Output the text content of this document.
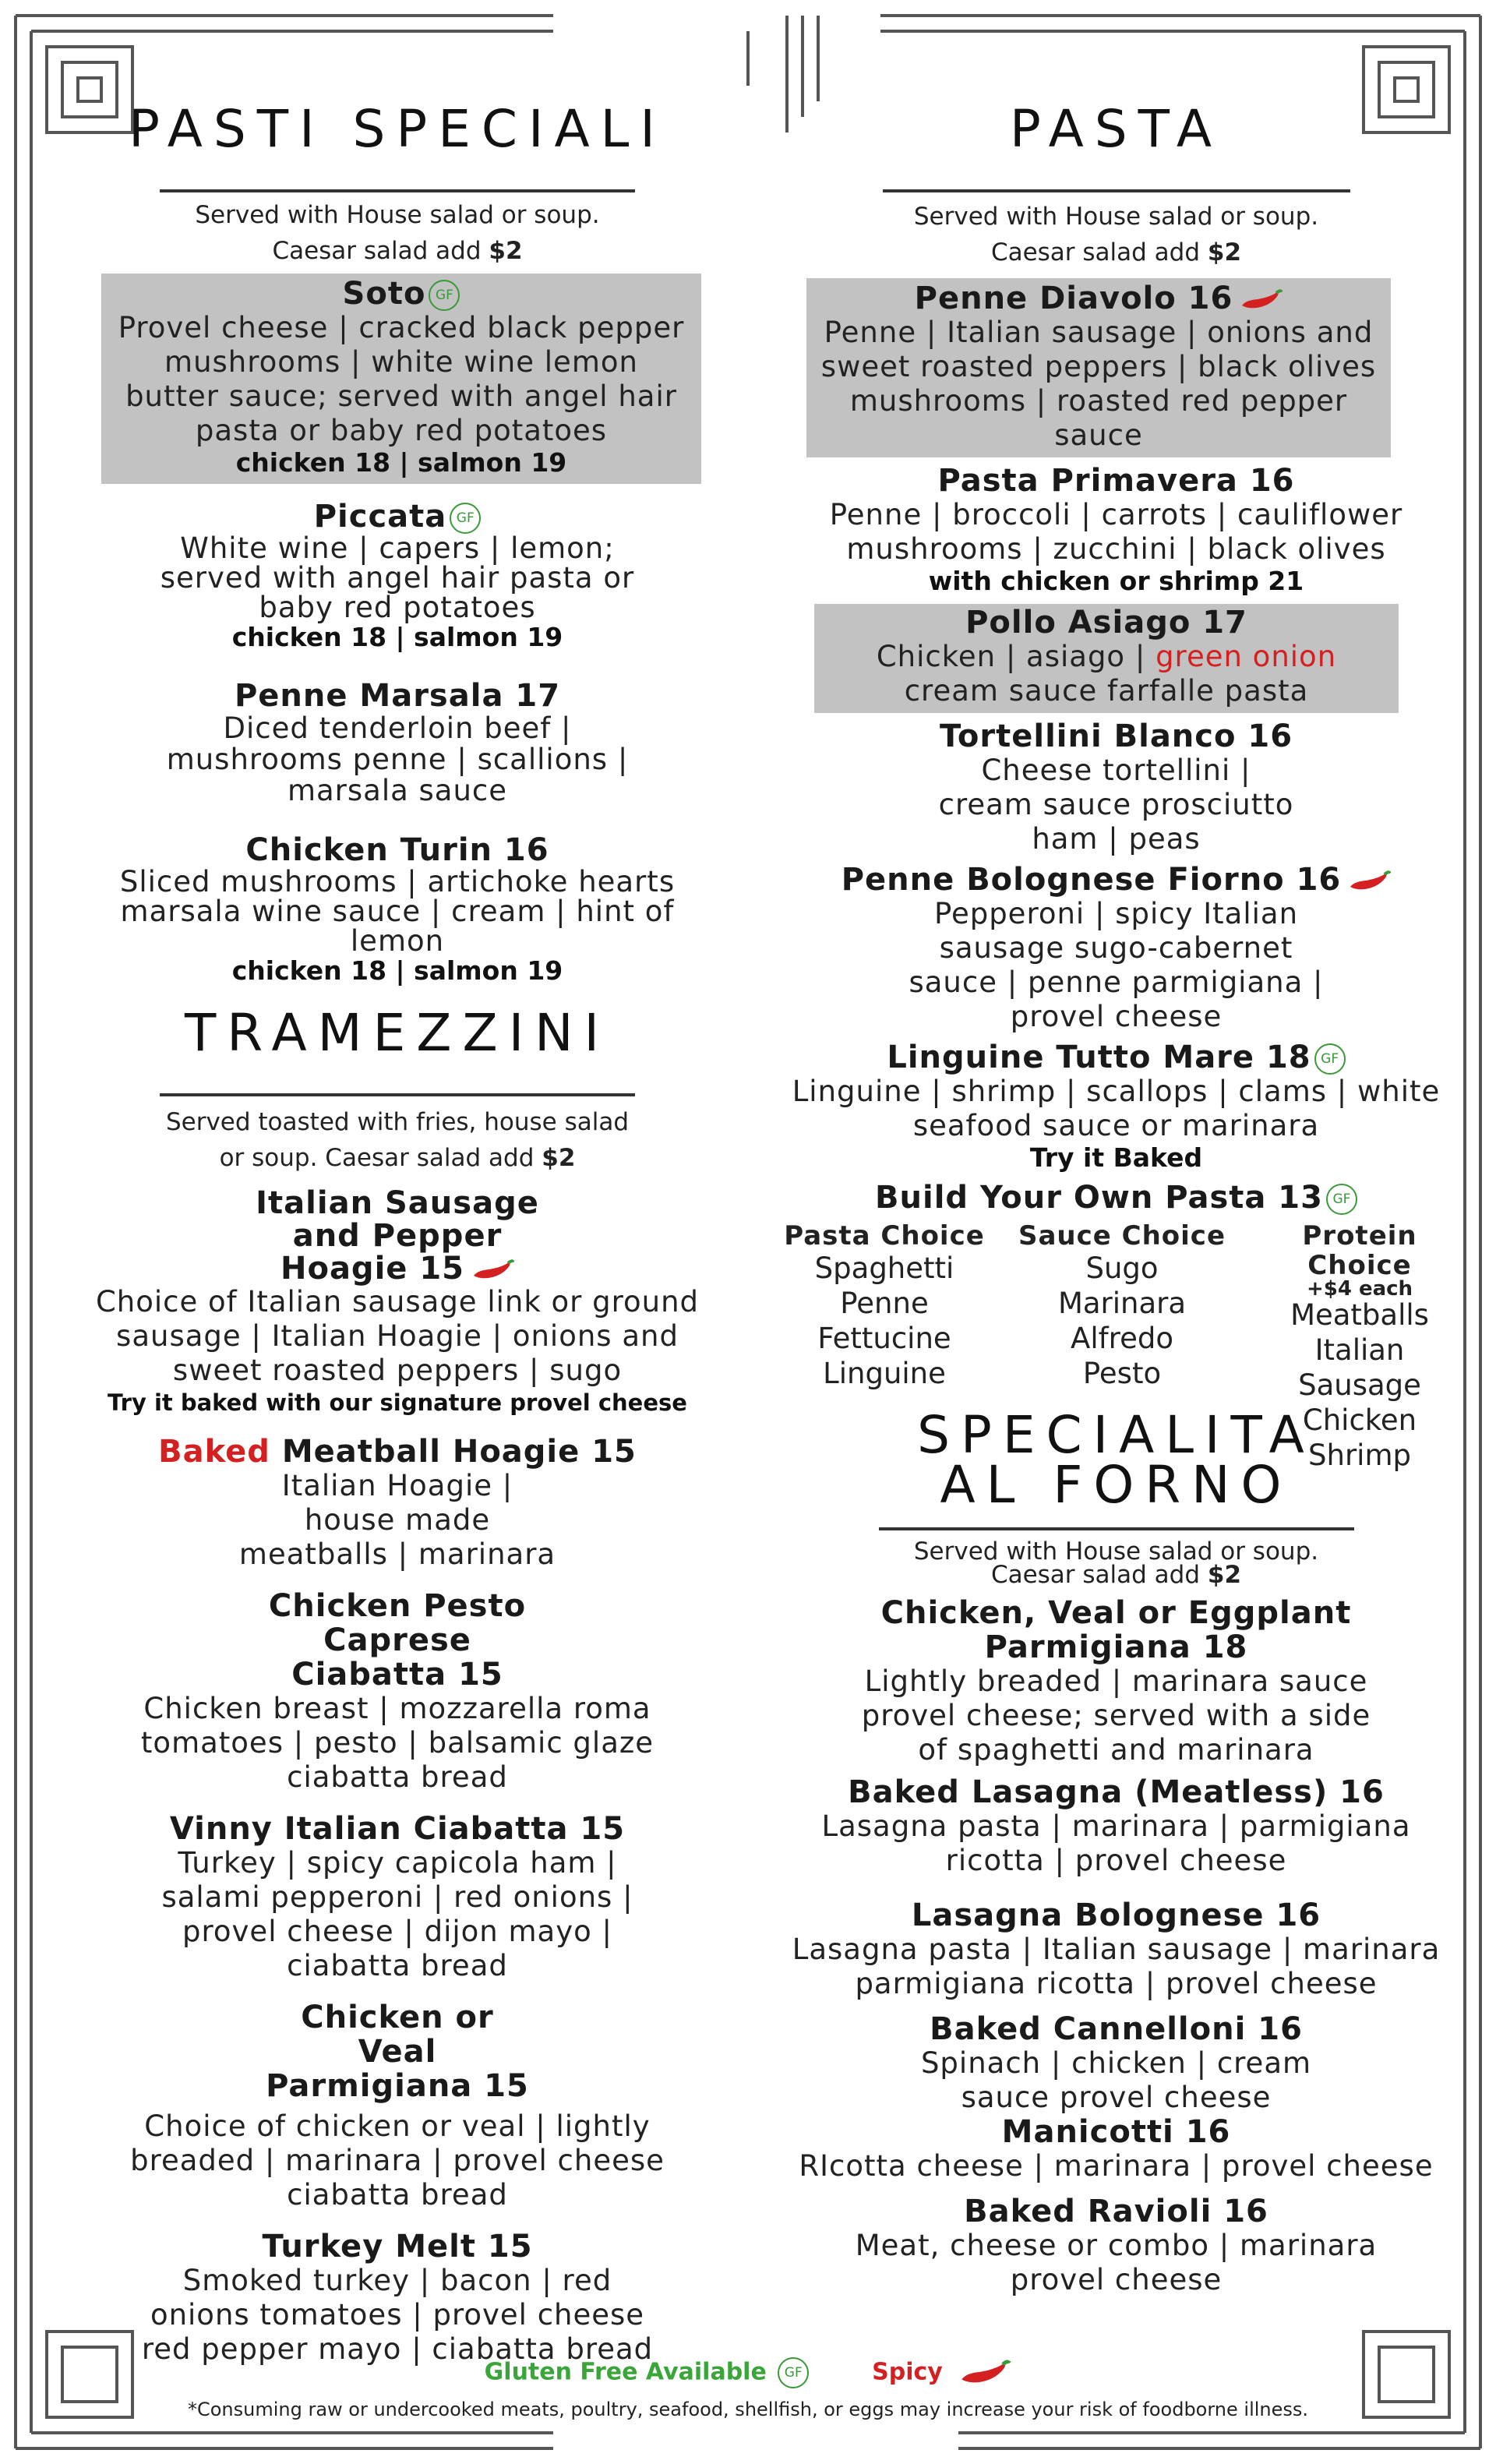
PASTI SPECIALI
Served with House salad or soup.
Caesar salad add $2
Soto GF
Provel cheese | cracked black pepper mushrooms | white wine lemon butter sauce; served with angel hair pasta or baby red potatoes
chicken 18 | salmon 19
Piccata GF
White wine | capers | lemon; served with angel hair pasta or baby red potatoes
chicken 18 | salmon 19
Penne Marsala 17
Diced tenderloin beef | mushrooms penne | scallions | marsala sauce
Chicken Turin 16
Sliced mushrooms | artichoke hearts marsala wine sauce | cream | hint of lemon
chicken 18 | salmon 19
TRAMEZZINI
Served toasted with fries, house salad
or soup. Caesar salad add $2
Italian Sausage and Pepper Hoagie 15
Choice of Italian sausage link or ground sausage | Italian Hoagie | onions and sweet roasted peppers | sugo
Try it baked with our signature provel cheese
Baked Meatball Hoagie 15
Italian Hoagie | house made meatballs | marinara
Chicken Pesto Caprese Ciabatta 15
Chicken breast | mozzarella roma tomatoes | pesto | balsamic glaze ciabatta bread
Vinny Italian Ciabatta 15
Turkey | spicy capicola ham | salami pepperoni | red onions | provel cheese | dijon mayo | ciabatta bread
Chicken or Veal Parmigiana 15
Choice of chicken or veal | lightly breaded | marinara | provel cheese ciabatta bread
Turkey Melt 15
Smoked turkey | bacon | red onions tomatoes | provel cheese red pepper mayo | ciabatta bread
PASTA
Served with House salad or soup.
Caesar salad add $2
Penne Diavolo 16
Penne | Italian sausage | onions and sweet roasted peppers | black olives mushrooms | roasted red pepper sauce
Pasta Primavera 16
Penne | broccoli | carrots | cauliflower mushrooms | zucchini | black olives
with chicken or shrimp 21
Pollo Asiago 17
Chicken | asiago | green onion
cream sauce farfalle pasta
Tortellini Blanco 16
Cheese tortellini | cream sauce prosciutto ham | peas
Penne Bolognese Fiorno 16
Pepperoni | spicy Italian sausage sugo-cabernet sauce | penne parmigiana | provel cheese
Linguine Tutto Mare 18 GF
Linguine | shrimp | scallops | clams | white seafood sauce or marinara
Try it Baked
Build Your Own Pasta 13 GF
Pasta Choice
Spaghetti
Penne
Fettucine
Linguine
Sauce Choice
Sugo
Marinara
Alfredo
Pesto
Protein Choice
+$4 each
Meatballs
Italian Sausage
Chicken
Shrimp
SPECIALITA
AL FORNO
Served with House salad or soup.
Caesar salad add $2
Chicken, Veal or Eggplant Parmigiana 18
Lightly breaded | marinara sauce provel cheese; served with a side of spaghetti and marinara
Baked Lasagna (Meatless) 16
Lasagna pasta | marinara | parmigiana ricotta | provel cheese
Lasagna Bolognese 16
Lasagna pasta | Italian sausage | marinara parmigiana ricotta | provel cheese
Baked Cannelloni 16
Spinach | chicken | cream sauce provel cheese
Manicotti 16
RIcotta cheese | marinara | provel cheese
Baked Ravioli 16
Meat, cheese or combo | marinara provel cheese
Gluten Free Available GF	Spicy
*Consuming raw or undercooked meats, poultry, seafood, shellfish, or eggs may increase your risk of foodborne illness.
